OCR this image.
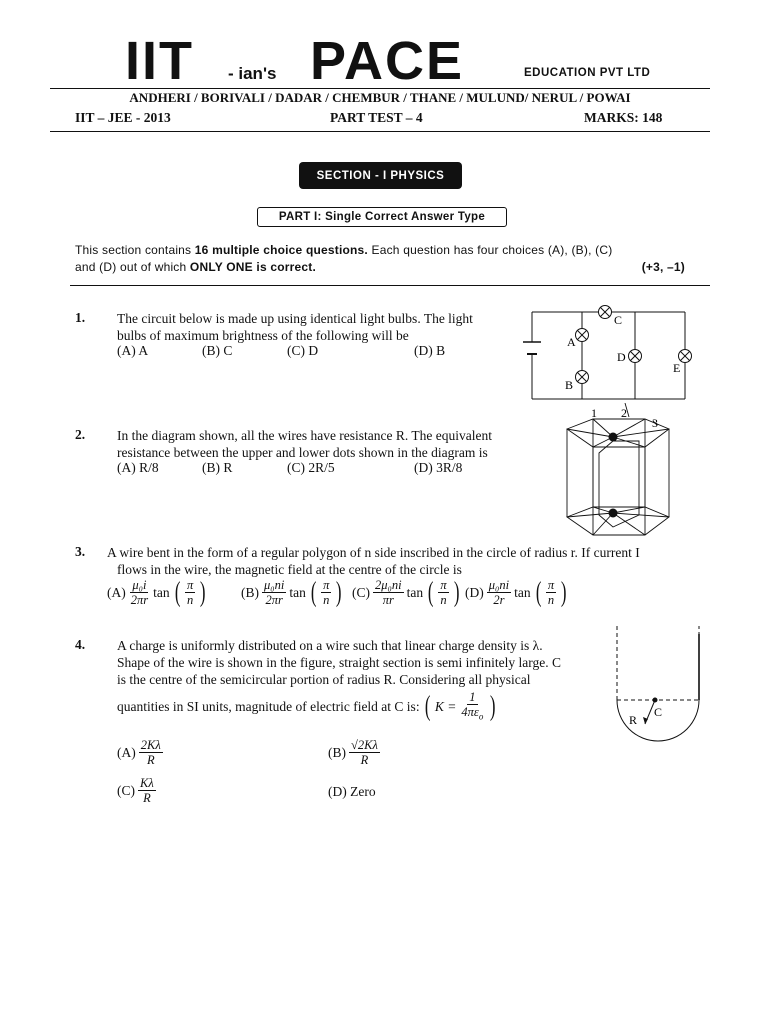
IIT - ian's PACE	EDUCATION PVT LTD
ANDHERI / BORIVALI / DADAR / CHEMBUR / THANE / MULUND/ NERUL / POWAI
IIT – JEE - 2013	PART TEST – 4	MARKS: 148
SECTION - I PHYSICS
PART I: Single Correct Answer Type
This section contains 16 multiple choice questions. Each question has four choices (A), (B), (C)
and (D) out of which ONLY ONE is correct.	(+3, –1)
1. The circuit below is made up using identical light bulbs. The light
bulbs of maximum brightness of the following will be
(A) A	(B) C	(C) D	(D) B
A
B
C
D
E
2. In the diagram shown, all the wires have resistance R. The equivalent
resistance between the upper and lower dots shown in the diagram is
(A) R/8	(B) R	(C) 2R/5	(D) 3R/8
1 2
3
3. A wire bent in the form of a regular polygon of n side inscribed in the circle of radius r. If current I
flows in the wire, the magnetic field at the centre of the circle is
$(A) \frac{\text{μ₀i}}{2\pi r}$ tan ( $\frac{\pi}{n}$ )	$(B) \frac{\text{μ₀ni}}{2\pi r}$ tan ( $\frac{\pi}{n}$ ) $(C) \frac{\text{2μ₀ni}}{\pi r}$ tan ( $\frac{\pi}{n}$ ) $(D) \frac{\text{μ₀ni}}{2r}$ tan ( $\frac{\pi}{n}$ )
4. A charge is uniformly distributed on a wire such that linear charge density is λ.
Shape of the wire is shown in the figure, straight section is semi infinitely large. C
is the centre of the semicircular portion of radius R. Considering all physical
quantities in SI units, magnitude of electric field at C is: ( $K = \frac{1}{4\pi\varepsilon_o}$ )
$(A) \frac{2K\lambda}{R}$	$(B) \frac{√2K\lambda}{R}$
$(C) \frac{K\lambda}{R}$	(D) Zero
C
R
